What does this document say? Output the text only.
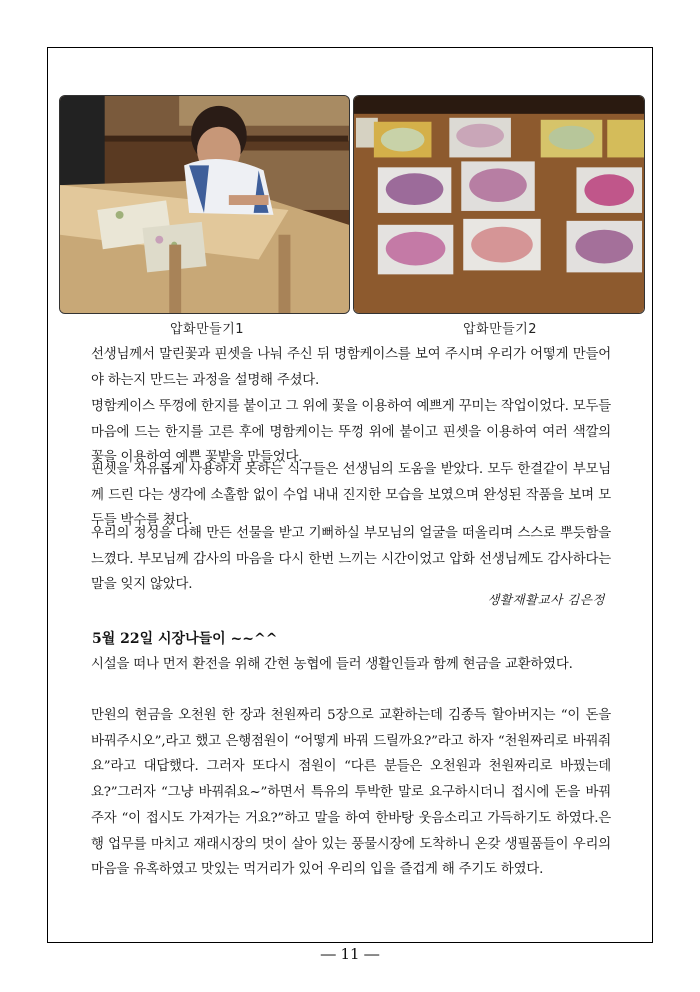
압화만들기1	압화만들기2

선생님께서 말린꽃과 핀셋을 나눠 주신 뒤 명함케이스를 보여 주시며 우리가 어떻게 만들어야 하는지 만드는 과정을 설명해 주셨다.

명함케이스 뚜껑에 한지를 붙이고 그 위에 꽃을 이용하여 예쁘게 꾸미는 작업이었다. 모두들 마음에 드는 한지를 고른 후에 명함케이는 뚜껑 위에 붙이고 핀셋을 이용하여 여러 색깔의 꽃을 이용하여 예쁜 꽃밭을 만들었다.

핀셋을 자유롭게 사용하지 못하는 식구들은 선생님의 도움을 받았다. 모두 한결같이 부모님께 드린 다는 생각에 소홀함 없이 수업 내내 진지한 모습을 보였으며 완성된 작품을 보며 모두들 박수를 쳤다.

우리의 정성을 다해 만든 선물을 받고 기뻐하실 부모님의 얼굴을 떠올리며 스스로 뿌듯함을 느꼈다. 부모님께 감사의 마음을 다시 한번 느끼는 시간이었고 압화 선생님께도 감사하다는 말을 잊지 않았다.

생활재활교사 김은정
5월 22일 시장나들이 ~~^^

시설을 떠나 먼저 환전을 위해 간현 농협에 들러 생활인들과 함께 현금을 교환하였다.

만원의 현금을 오천원 한 장과 천원짜리 5장으로 교환하는데 김종득 할아버지는 “이 돈을 바꿔주시오”,라고 했고 은행점원이 “어떻게 바꿔 드릴까요?”라고 하자 “천원짜리로 바꿔줘요”라고 대답했다. 그러자 또다시 점원이 “다른 분들은 오천원과 천원짜리로 바꿨는데요?”그러자 “그냥 바꿔줘요~”하면서 특유의 투박한 말로 요구하시더니 접시에 돈을 바꿔주자 “이 접시도 가져가는 거요?”하고 말을 하여 한바탕 웃음소리고 가득하기도 하였다.은행 업무를 마치고 재래시장의 멋이 살아 있는 풍물시장에 도착하니 온갖 생필품들이 우리의 마음을 유혹하였고 맛있는 먹거리가 있어 우리의 입을 즐겁게 해 주기도 하였다.

― 11 ―
